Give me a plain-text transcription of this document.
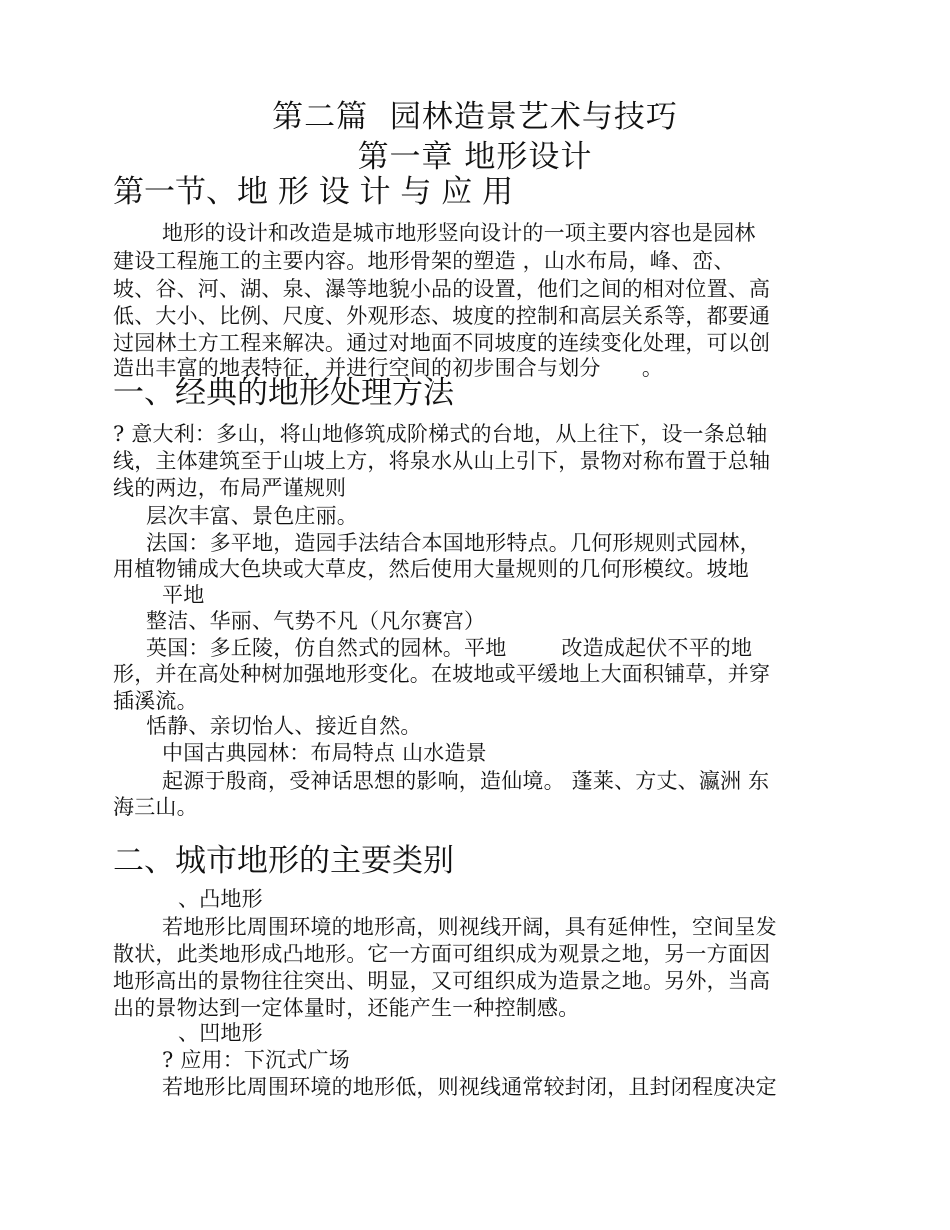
第二篇  园林造景艺术与技巧
第一章 地形设计
第一节、地 形 设 计 与 应 用
地形的设计和改造是城市地形竖向设计的一项主要内容也是园林
建设工程施工的主要内容。地形骨架的塑造 ，山水布局，峰、峦、
坡、谷、河、湖、泉、瀑等地貌小品的设置，他们之间的相对位置、高
低、大小、比例、尺度、外观形态、坡度的控制和高层关系等，都要通
过园林土方工程来解决。通过对地面不同坡度的连续变化处理，可以创
造出丰富的地表特征，并进行空间的初步围合与划分      。
一、经典的地形处理方法
? 意大利：多山，将山地修筑成阶梯式的台地，从上往下，设一条总轴
线，主体建筑至于山坡上方，将泉水从山上引下，景物对称布置于总轴
线的两边，布局严谨规则
层次丰富、景色庄丽。
法国：多平地，造园手法结合本国地形特点。几何形规则式园林，
用植物铺成大色块或大草皮，然后使用大量规则的几何形模纹。坡地
平地
整洁、华丽、气势不凡（凡尔赛宫）
英国：多丘陵，仿自然式的园林。平地        改造成起伏不平的地
形，并在高处种树加强地形变化。在坡地或平缓地上大面积铺草，并穿
插溪流。
恬静、亲切怡人、接近自然。
中国古典园林：布局特点 山水造景
起源于殷商，受神话思想的影响，造仙境。 蓬莱、方丈、瀛洲 东
海三山。
二、城市地形的主要类别
、凸地形
若地形比周围环境的地形高，则视线开阔，具有延伸性，空间呈发
散状，此类地形成凸地形。它一方面可组织成为观景之地，另一方面因
地形高出的景物往往突出、明显，又可组织成为造景之地。另外，当高
出的景物达到一定体量时，还能产生一种控制感。
、凹地形
? 应用：下沉式广场
若地形比周围环境的地形低，则视线通常较封闭，且封闭程度决定
